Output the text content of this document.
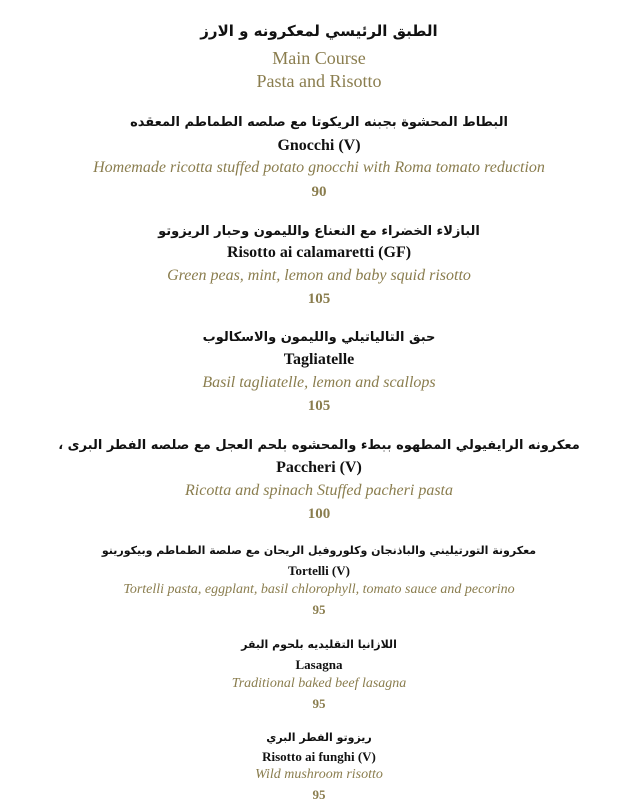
الطبق الرئيسي لمعكرونه و الارز
Main Course
Pasta and Risotto
البطاط المحشوة بجبنه الريكوتا مع صلصه الطماطم المعقده
Gnocchi (V)
Homemade ricotta stuffed potato gnocchi with Roma tomato reduction
90
البازلاء الخضراء مع النعناع والليمون وحبار الريزوتو
Risotto ai calamaretti (GF)
Green peas, mint, lemon and baby squid risotto
105
حبق التالياتيلي والليمون والاسكالوب
Tagliatelle
Basil tagliatelle, lemon and scallops
105
معكرونه الرايفيولي المطهوه ببطء والمحشوه بلحم العجل مع صلصه الفطر البرى ،
Paccheri (V)
Ricotta and spinach Stuffed pacheri pasta
100
معكرونة التورتيليني والباذنجان وكلوروفيل الريحان مع صلصة الطماطم وبيكورينو
Tortelli (V)
Tortelli pasta, eggplant, basil chlorophyll, tomato sauce and pecorino
95
اللازانيا التقليديه بلحوم البقر
Lasagna
Traditional baked beef lasagna
95
ريزوتو الفطر البري
Risotto ai funghi (V)
Wild mushroom risotto
95
